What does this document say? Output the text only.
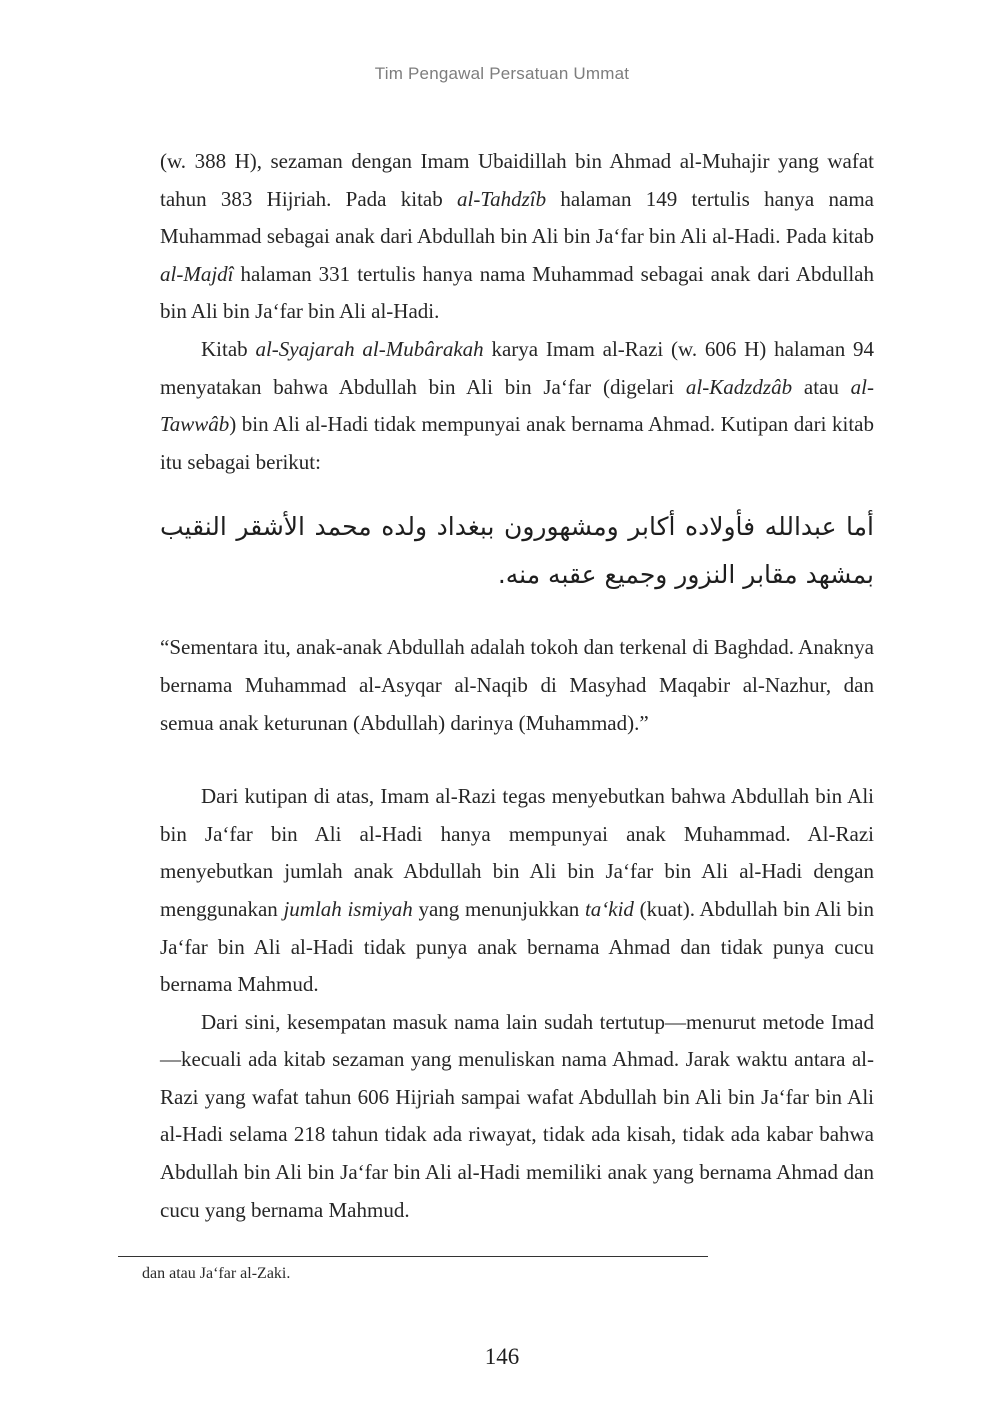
Tim Pengawal Persatuan Ummat

(w. 388 H), sezaman dengan Imam Ubaidillah bin Ahmad al-Muhajir yang wafat tahun 383 Hijriah. Pada kitab al-Tahdzîb halaman 149 tertulis hanya nama Muhammad sebagai anak dari Abdullah bin Ali bin Ja‘far bin Ali al-Hadi. Pada kitab al-Majdî halaman 331 tertulis hanya nama Muhammad sebagai anak dari Abdullah bin Ali bin Ja‘far bin Ali al-Hadi.

Kitab al-Syajarah al-Mubârakah karya Imam al-Razi (w. 606 H) halaman 94 menyatakan bahwa Abdullah bin Ali bin Ja‘far (digelari al-Kadzdzâb atau al-Tawwâb) bin Ali al-Hadi tidak mempunyai anak bernama Ahmad. Kutipan dari kitab itu sebagai berikut:

أما عبدالله فأولاده أكابر ومشهورون ببغداد ولده محمد الأشقر النقيب بمشهد مقابر النزور وجميع عقبه منه.

“Sementara itu, anak-anak Abdullah adalah tokoh dan terkenal di Baghdad. Anaknya bernama Muhammad al-Asyqar al-Naqib di Masyhad Maqabir al-Nazhur, dan semua anak keturunan (Abdullah) darinya (Muhammad).”

Dari kutipan di atas, Imam al-Razi tegas menyebutkan bahwa Abdullah bin Ali bin Ja‘far bin Ali al-Hadi hanya mempunyai anak Muhammad. Al-Razi menyebutkan jumlah anak Abdullah bin Ali bin Ja‘far bin Ali al-Hadi dengan menggunakan jumlah ismiyah yang menunjukkan ta‘kid (kuat). Abdullah bin Ali bin Ja‘far bin Ali al-Hadi tidak punya anak bernama Ahmad dan tidak punya cucu bernama Mahmud.

Dari sini, kesempatan masuk nama lain sudah tertutup—menurut metode Imad—kecuali ada kitab sezaman yang menuliskan nama Ahmad. Jarak waktu antara al-Razi yang wafat tahun 606 Hijriah sampai wafat Abdullah bin Ali bin Ja‘far bin Ali al-Hadi selama 218 tahun tidak ada riwayat, tidak ada kisah, tidak ada kabar bahwa Abdullah bin Ali bin Ja‘far bin Ali al-Hadi memiliki anak yang bernama Ahmad dan cucu yang bernama Mahmud.

dan atau Ja‘far al-Zaki.
146
